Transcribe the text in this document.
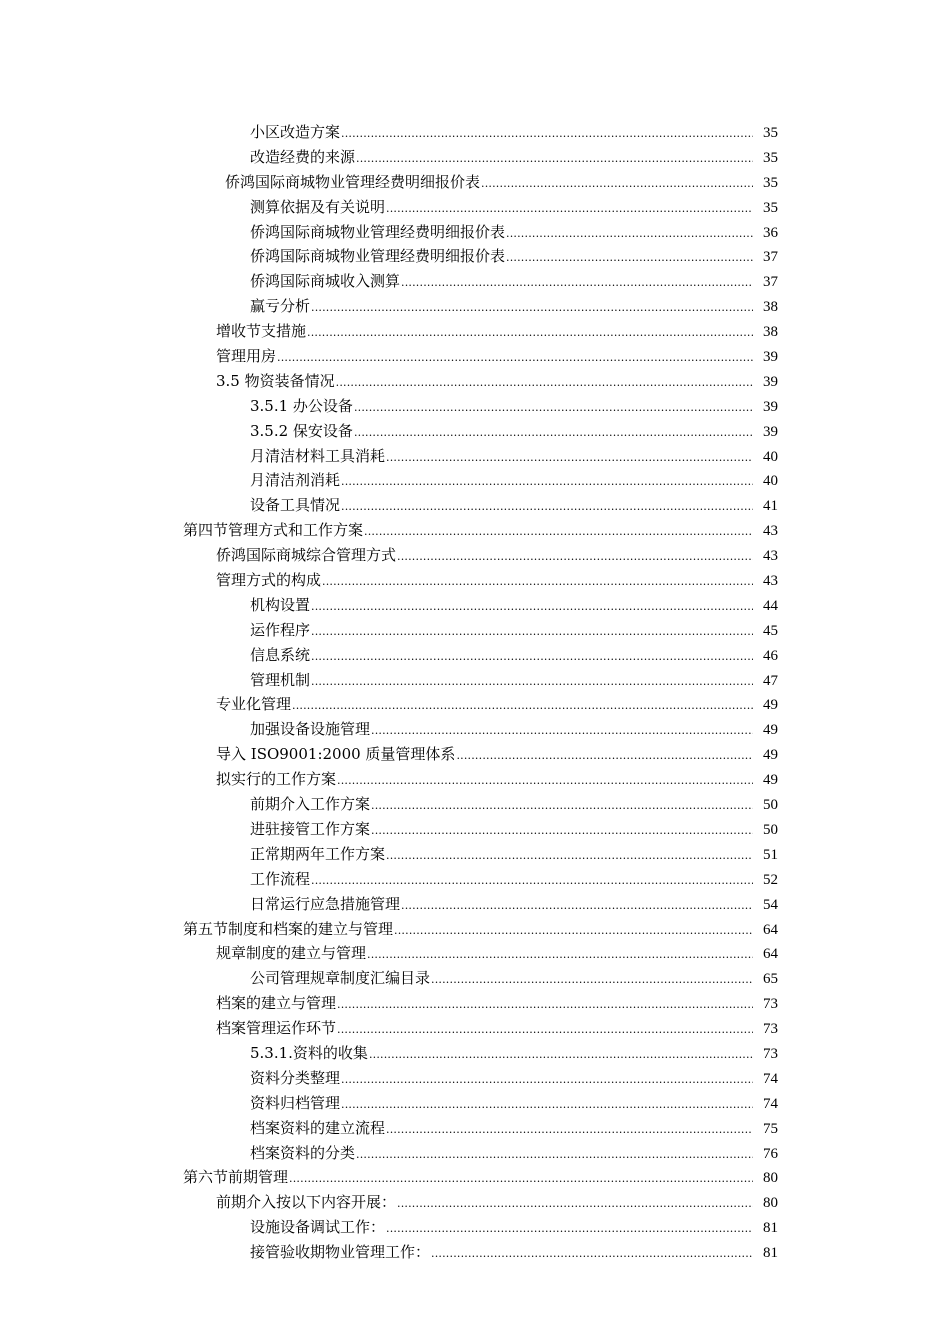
小区改造方案 .....	35
改造经费的来源 .....	35
侨鸿国际商城物业管理经费明细报价表 .....	35
测算依据及有关说明 .....	35
侨鸿国际商城物业管理经费明细报价表 .....	36
侨鸿国际商城物业管理经费明细报价表 .....	37
侨鸿国际商城收入测算 .....	37
赢亏分析 .....	38
增收节支措施 .....	38
管理用房 .....	39
3.5 物资装备情况 .....	39
3.5.1 办公设备 .....	39
3.5.2 保安设备 .....	39
月清洁材料工具消耗 .....	40
月清洁剂消耗 .....	40
设备工具情况 .....	41
第四节 管理方式和工作方案 .....	43
侨鸿国际商城综合管理方式 .....	43
管理方式的构成 .....	43
机构设置 .....	44
运作程序 .....	45
信息系统 .....	46
管理机制 .....	47
专业化管理 .....	49
加强设备设施管理 .....	49
导入 ISO9001:2000 质量管理体系 .....	49
拟实行的工作方案 .....	49
前期介入工作方案 .....	50
进驻接管工作方案 .....	50
正常期两年工作方案 .....	51
工作流程 .....	52
日常运行应急措施管理 .....	54
第五节 制度和档案的建立与管理 .....	64
规章制度的建立与管理 .....	64
公司管理规章制度汇编目录 .....	65
档案的建立与管理 .....	73
档案管理运作环节 .....	73
5.3.1.资料的收集 .....	73
资料分类整理 .....	74
资料归档管理 .....	74
档案资料的建立流程 .....	75
档案资料的分类 .....	76
第六节 前期管理 .....	80
前期介入按以下内容开展： .....	80
设施设备调试工作： .....	81
接管验收期物业管理工作： .....	81
